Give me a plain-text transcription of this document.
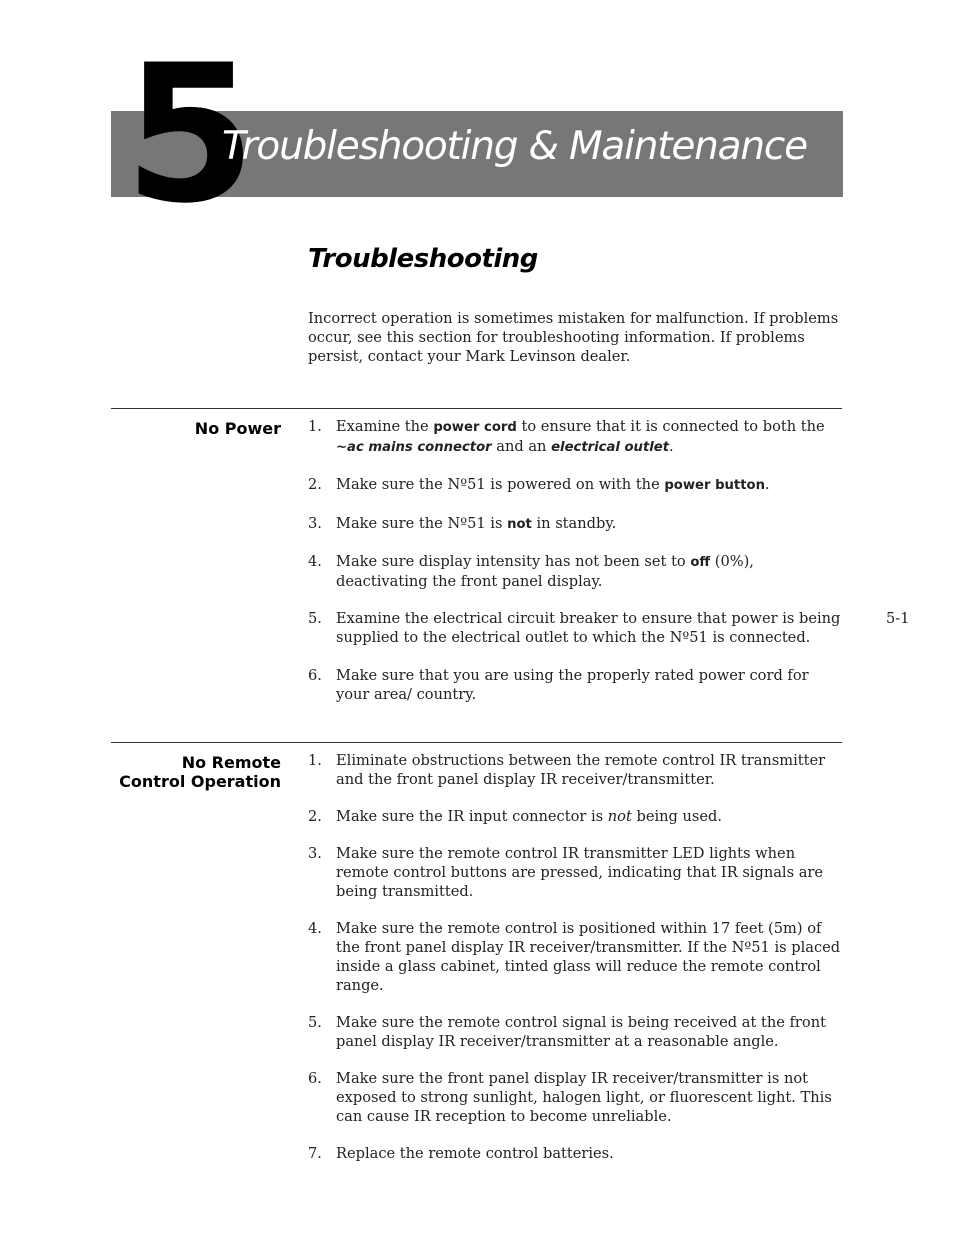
5
Troubleshooting & Maintenance
Troubleshooting

Incorrect operation is sometimes mistaken for malfunction. If problems occur, see this section for troubleshooting information. If problems persist, contact your Mark Levinson dealer.

No Power 1. Examine the power cord to ensure that it is connected to both the ~ac mains connector and an electrical outlet.
2. Make sure the Nº51 is powered on with the power button.
3. Make sure the Nº51 is not in standby.
4. Make sure display intensity has not been set to off (0%), deactivating the front panel display.
5. Examine the electrical circuit breaker to ensure that power is being supplied to the electrical outlet to which the Nº51 is connected.
6. Make sure that you are using the properly rated power cord for your area/ country.
No Remote
Control Operation
1. Eliminate obstructions between the remote control IR transmitter and the front panel display IR receiver/transmitter.
2. Make sure the IR input connector is not being used.
3. Make sure the remote control IR transmitter LED lights when remote control buttons are pressed, indicating that IR signals are being transmitted.
4. Make sure the remote control is positioned within 17 feet (5m) of the front panel display IR receiver/transmitter. If the Nº51 is placed inside a glass cabinet, tinted glass will reduce the remote control range.
5. Make sure the remote control signal is being received at the front panel display IR receiver/transmitter at a reasonable angle.
6. Make sure the front panel display IR receiver/transmitter is not exposed to strong sunlight, halogen light, or fluorescent light. This can cause IR reception to become unreliable.
7. Replace the remote control batteries.
5-1
